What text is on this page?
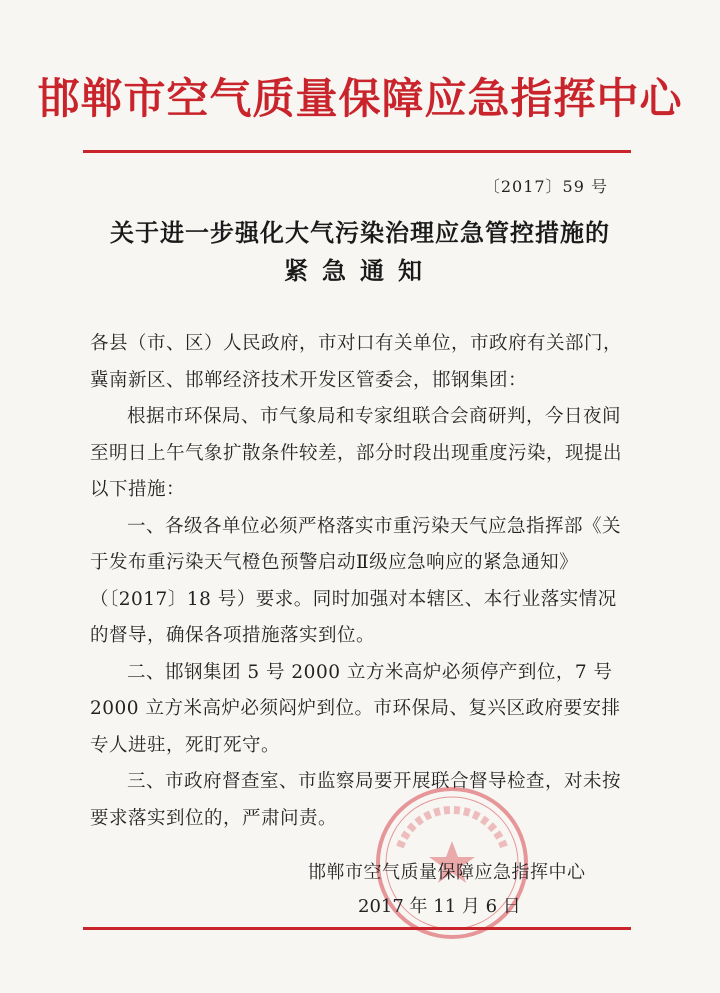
邯郸市空气质量保障应急指挥中心
〔2017〕59 号
关于进一步强化大气污染治理应急管控措施的
紧急通知

各县（市、区）人民政府，市对口有关单位，市政府有关部门，冀南新区、邯郸经济技术开发区管委会，邯钢集团：

根据市环保局、市气象局和专家组联合会商研判，今日夜间至明日上午气象扩散条件较差，部分时段出现重度污染，现提出以下措施：

一、各级各单位必须严格落实市重污染天气应急指挥部《关于发布重污染天气橙色预警启动Ⅱ级应急响应的紧急通知》（〔2017〕18 号）要求。同时加强对本辖区、本行业落实情况的督导，确保各项措施落实到位。

二、邯钢集团 5 号 2000 立方米高炉必须停产到位，7 号 2000 立方米高炉必须闷炉到位。市环保局、复兴区政府要安排专人进驻，死盯死守。

三、市政府督查室、市监察局要开展联合督导检查，对未按要求落实到位的，严肃问责。

邯郸市空气质量保障应急指挥中心
2017 年 11 月 6 日
